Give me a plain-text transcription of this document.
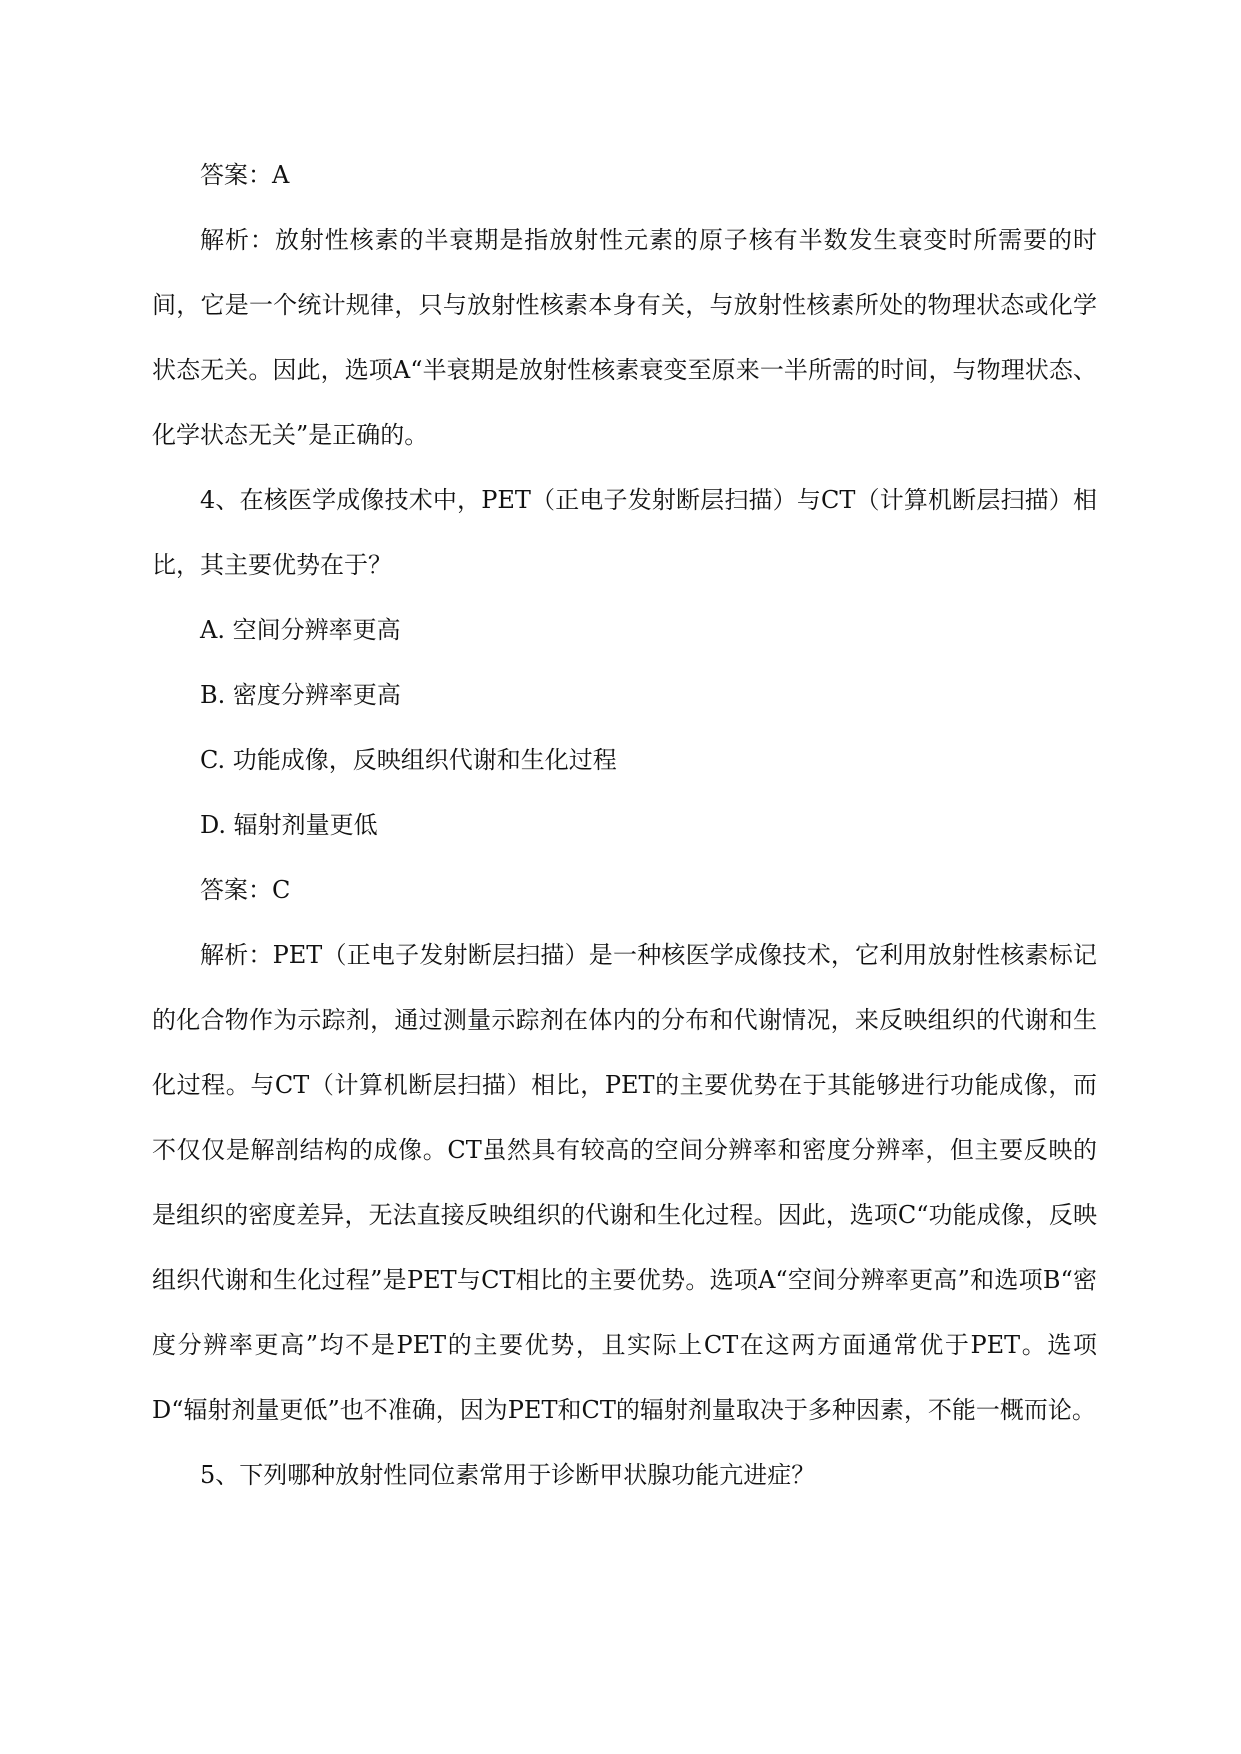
答案：A

解析：放射性核素的半衰期是指放射性元素的原子核有半数发生衰变时所需要的时间，它是一个统计规律，只与放射性核素本身有关，与放射性核素所处的物理状态或化学状态无关。因此，选项A“半衰期是放射性核素衰变至原来一半所需的时间，与物理状态、化学状态无关”是正确的。

4、在核医学成像技术中，PET（正电子发射断层扫描）与CT（计算机断层扫描）相比，其主要优势在于？

A. 空间分辨率更高

B. 密度分辨率更高

C. 功能成像，反映组织代谢和生化过程

D. 辐射剂量更低

答案：C

解析：PET（正电子发射断层扫描）是一种核医学成像技术，它利用放射性核素标记的化合物作为示踪剂，通过测量示踪剂在体内的分布和代谢情况，来反映组织的代谢和生化过程。与CT（计算机断层扫描）相比，PET的主要优势在于其能够进行功能成像，而不仅仅是解剖结构的成像。CT虽然具有较高的空间分辨率和密度分辨率，但主要反映的是组织的密度差异，无法直接反映组织的代谢和生化过程。因此，选项C“功能成像，反映组织代谢和生化过程”是PET与CT相比的主要优势。选项A“空间分辨率更高”和选项B“密度分辨率更高”均不是PET的主要优势，且实际上CT在这两方面通常优于PET。选项D“辐射剂量更低”也不准确，因为PET和CT的辐射剂量取决于多种因素，不能一概而论。

5、下列哪种放射性同位素常用于诊断甲状腺功能亢进症？
